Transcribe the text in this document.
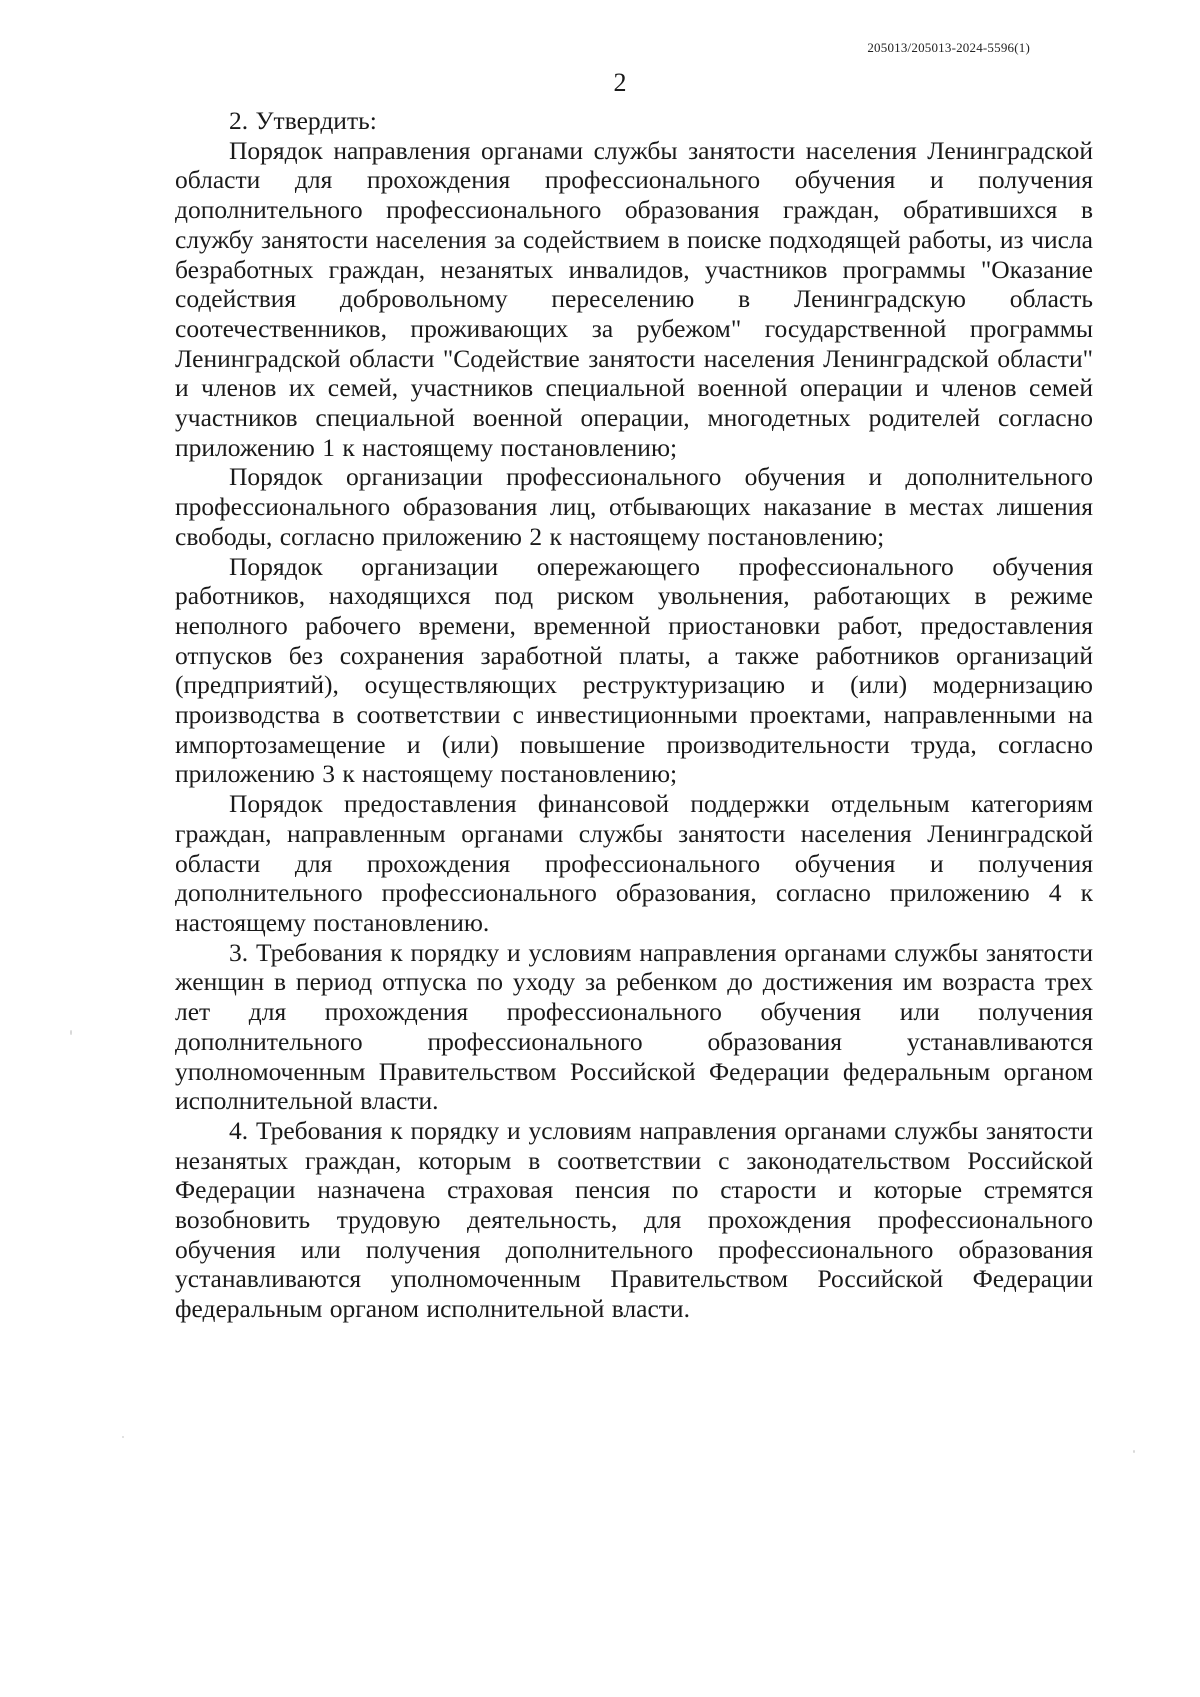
205013/205013-2024-5596(1)
2

2. Утвердить:

Порядок направления органами службы занятости населения Ленинградской области для прохождения профессионального обучения и получения дополнительного профессионального образования граждан, обратившихся в службу занятости населения за содействием в поиске подходящей работы, из числа безработных граждан, незанятых инвалидов, участников программы "Оказание содействия добровольному переселению в Ленинградскую область соотечественников, проживающих за рубежом" государственной программы Ленинградской области "Содействие занятости населения Ленинградской области" и членов их семей, участников специальной военной операции и членов семей участников специальной военной операции, многодетных родителей согласно приложению 1 к настоящему постановлению;

Порядок организации профессионального обучения и дополнительного профессионального образования лиц, отбывающих наказание в местах лишения свободы, согласно приложению 2 к настоящему постановлению;

Порядок организации опережающего профессионального обучения работников, находящихся под риском увольнения, работающих в режиме неполного рабочего времени, временной приостановки работ, предоставления отпусков без сохранения заработной платы, а также работников организаций (предприятий), осуществляющих реструктуризацию и (или) модернизацию производства в соответствии с инвестиционными проектами, направленными на импортозамещение и (или) повышение производительности труда, согласно приложению 3 к настоящему постановлению;

Порядок предоставления финансовой поддержки отдельным категориям граждан, направленным органами службы занятости населения Ленинградской области для прохождения профессионального обучения и получения дополнительного профессионального образования, согласно приложению 4 к настоящему постановлению.

3. Требования к порядку и условиям направления органами службы занятости женщин в период отпуска по уходу за ребенком до достижения им возраста трех лет для прохождения профессионального обучения или получения дополнительного профессионального образования устанавливаются уполномоченным Правительством Российской Федерации федеральным органом исполнительной власти.

4. Требования к порядку и условиям направления органами службы занятости незанятых граждан, которым в соответствии с законодательством Российской Федерации назначена страховая пенсия по старости и которые стремятся возобновить трудовую деятельность, для прохождения профессионального обучения или получения дополнительного профессионального образования устанавливаются уполномоченным Правительством Российской Федерации федеральным органом исполнительной власти.
